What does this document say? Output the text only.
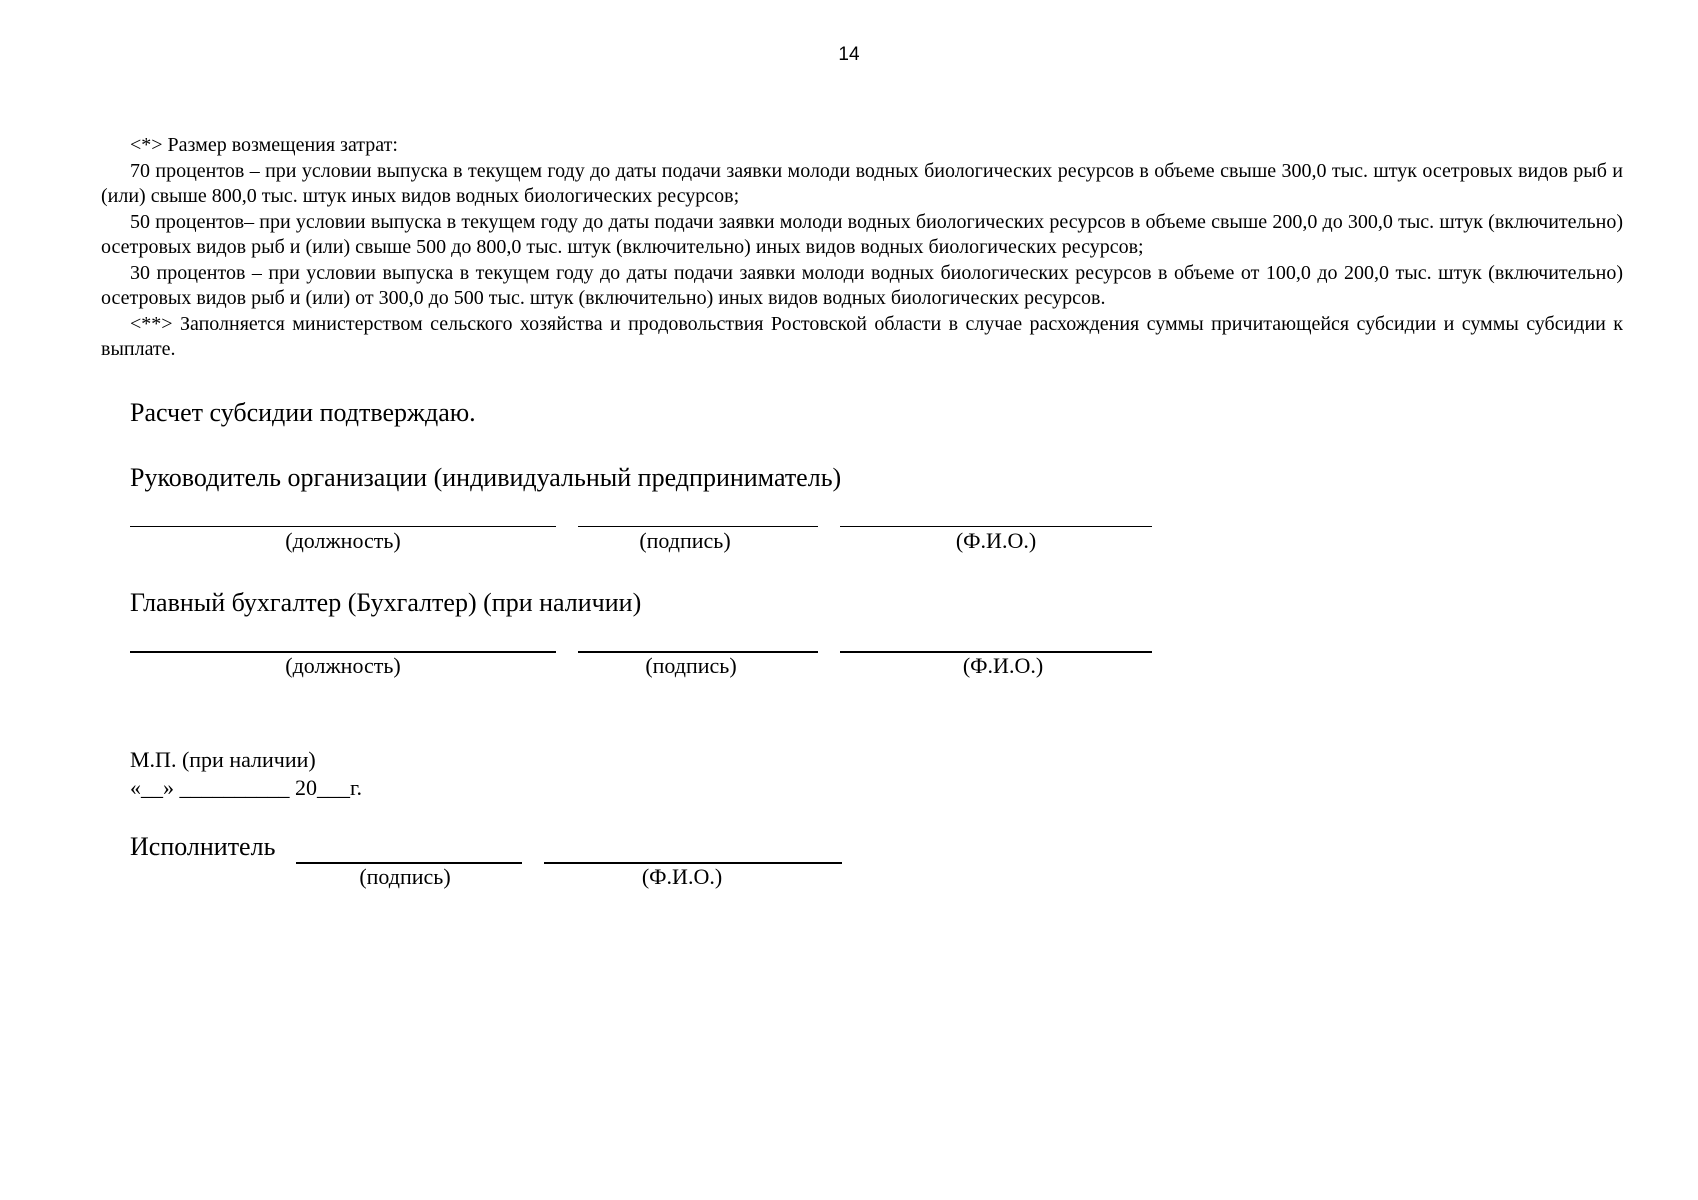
14

<*> Размер возмещения затрат:

70 процентов – при условии выпуска в текущем году до даты подачи заявки молоди водных биологических ресурсов в объеме свыше 300,0 тыс. штук осетровых видов рыб и (или) свыше 800,0 тыс. штук иных видов водных биологических ресурсов;

50 процентов– при условии выпуска в текущем году до даты подачи заявки молоди водных биологических ресурсов в объеме свыше 200,0 до 300,0 тыс. штук (включительно) осетровых видов рыб и (или) свыше 500 до 800,0 тыс. штук (включительно) иных видов водных биологических ресурсов;

30 процентов – при условии выпуска в текущем году до даты подачи заявки молоди водных биологических ресурсов в объеме от 100,0 до 200,0 тыс. штук (включительно) осетровых видов рыб и (или) от 300,0 до 500 тыс. штук (включительно) иных видов водных биологических ресурсов.

<**> Заполняется министерством сельского хозяйства и продовольствия Ростовской области в случае расхождения суммы причитающейся субсидии и суммы субсидии к выплате.

Расчет субсидии подтверждаю.
Руководитель организации (индивидуальный предприниматель)
(должность)	(подпись)	(Ф.И.О.)
Главный бухгалтер (Бухгалтер) (при наличии)
(должность)	(подпись)	(Ф.И.О.)
М.П. (при наличии)
«__» __________ 20___г.
Исполнитель
(подпись)	(Ф.И.О.)
